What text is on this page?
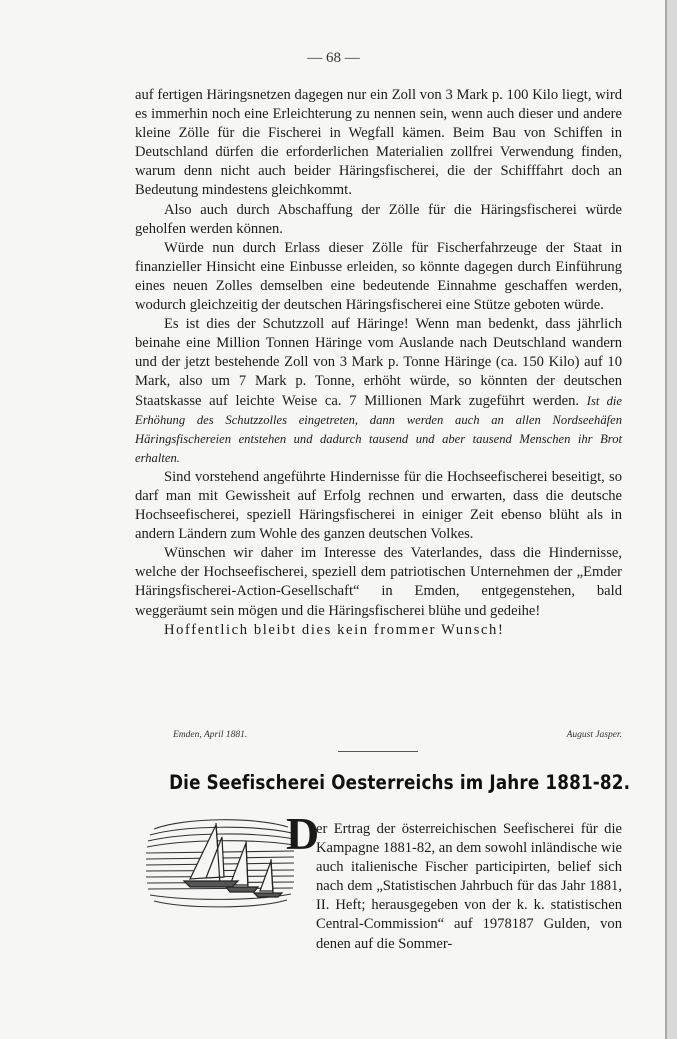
— 68 —

auf fertigen Häringsnetzen dagegen nur ein Zoll von 3 Mark p. 100 Kilo liegt, wird es immerhin noch eine Erleichterung zu nennen sein, wenn auch dieser und andere kleine Zölle für die Fischerei in Wegfall kämen. Beim Bau von Schiffen in Deutschland dürfen die erforderlichen Materialien zollfrei Verwendung finden, warum denn nicht auch beider Häringsfischerei, die der Schifffahrt doch an Bedeutung mindestens gleichkommt.

Also auch durch Abschaffung der Zölle für die Häringsfischerei würde geholfen werden können.

Würde nun durch Erlass dieser Zölle für Fischerfahrzeuge der Staat in finanzieller Hinsicht eine Einbusse erleiden, so könnte dagegen durch Einführung eines neuen Zolles demselben eine bedeutende Einnahme geschaffen werden, wodurch gleichzeitig der deutschen Häringsfischerei eine Stütze geboten würde.

Es ist dies der Schutzzoll auf Häringe! Wenn man bedenkt, dass jährlich beinahe eine Million Tonnen Häringe vom Auslande nach Deutschland wandern und der jetzt bestehende Zoll von 3 Mark p. Tonne Häringe (ca. 150 Kilo) auf 10 Mark, also um 7 Mark p. Tonne, erhöht würde, so könnten der deutschen Staatskasse auf leichte Weise ca. 7 Millionen Mark zugeführt werden. Ist die Erhöhung des Schutzzolles eingetreten, dann werden auch an allen Nordseehäfen Häringsfischereien entstehen und dadurch tausend und aber tausend Menschen ihr Brot erhalten.

Sind vorstehend angeführte Hindernisse für die Hochseefischerei beseitigt, so darf man mit Gewissheit auf Erfolg rechnen und erwarten, dass die deutsche Hochseefischerei, speziell Häringsfischerei in einiger Zeit ebenso blüht als in andern Ländern zum Wohle des ganzen deutschen Volkes.

Wünschen wir daher im Interesse des Vaterlandes, dass die Hindernisse, welche der Hochseefischerei, speziell dem patriotischen Unternehmen der „Emder Häringsfischerei-Action-Gesellschaft“ in Emden, entgegenstehen, bald weggeräumt sein mögen und die Häringsfischerei blühe und gedeihe!

Hoffentlich bleibt dies kein frommer Wunsch!

Emden, April 1881.	August Jasper.
Die Seefischerei Oesterreichs im Jahre 1881-82.
D

er Ertrag der österreichischen Seefischerei für die Kampagne 1881-82, an dem sowohl inländische wie auch italienische Fischer participirten, belief sich nach dem „Statistischen Jahrbuch für das Jahr 1881, II. Heft; herausgegeben von der k. k. statistischen Central-Commission“ auf 1978187 Gulden, von denen auf die Sommer-
